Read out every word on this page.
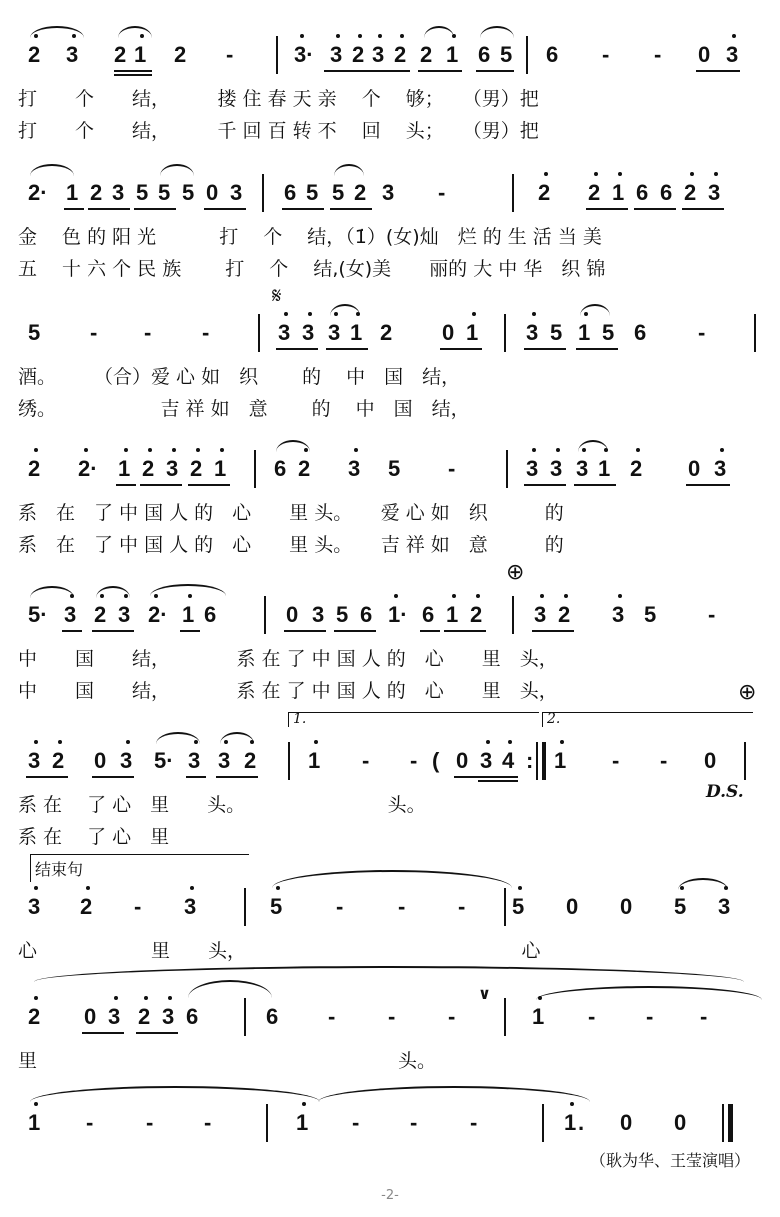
2 3 2 1 2 -	3· 3 2 3 2 2 1 6 5 6 - - 0 3
打　　个　　结，　　　搂 住 春 天 亲　 个　 够；　　（男）把
打　　个　　结，　　　千 回 百 转 不　 回　 头；　　（男）把
2· 1 2 3 5 5 5 0 3 6 5 5 2 3 -	2 2 1 6 6 2 3
金　 色 的 阳 光　　　 打　 个　 结，（1̇）(女)灿　烂 的 生 活 当 美
五　 十 六 个 民 族　　 打　 个　 结,(女)美　　丽的 大 中 华　织 锦
𝄋
5 - - -	3 3 3 1 2 0 1 3 5 1 5 6 -
酒。　　　（合）爱 心 如　织　　 的　 中　国　结，
绣。　　　　　　吉 祥 如　意　　 的　 中　国　结，
2 2· 1 2 3 2 1 6 2 3 5 -	3 3 3 1 2 0 3
系　在　了 中 国 人 的　心　　里 头。　　爱 心 如　织　　　的
系　在　了 中 国 人 的　心　　里 头。　　吉 祥 如　意　　　的
⊕
5· 3 2 3 2· 1 6	0 3 5 6 1· 6 1 2 3 2 3 5 -
中　　国　　结，　　　　系 在 了 中 国 人 的　心　　里　头，
中　　国　　结，　　　　系 在 了 中 国 人 的　心　　里　头，	⊕
1.	2.
3 2 0 3 5· 3 3 2 1 - - ( 0 3 4 : 1 - - 0
D.S.
系 在　 了 心　里　　头。　　　　　　　　头。
系 在　 了 心　里
结束句
3 2 - 3	5 - - - 5 0 0 5 3
心　　　　　　里　　头，　　　　　　　　　　　　　　　心
2 0 3 2 3 6	6 - - -
∨
1 - - -
里　　　　　　　　　　　　　　　　　　　头。
1 - - -	1 - - -	1 . 0 0
（耿为华、王莹演唱）
-2-
